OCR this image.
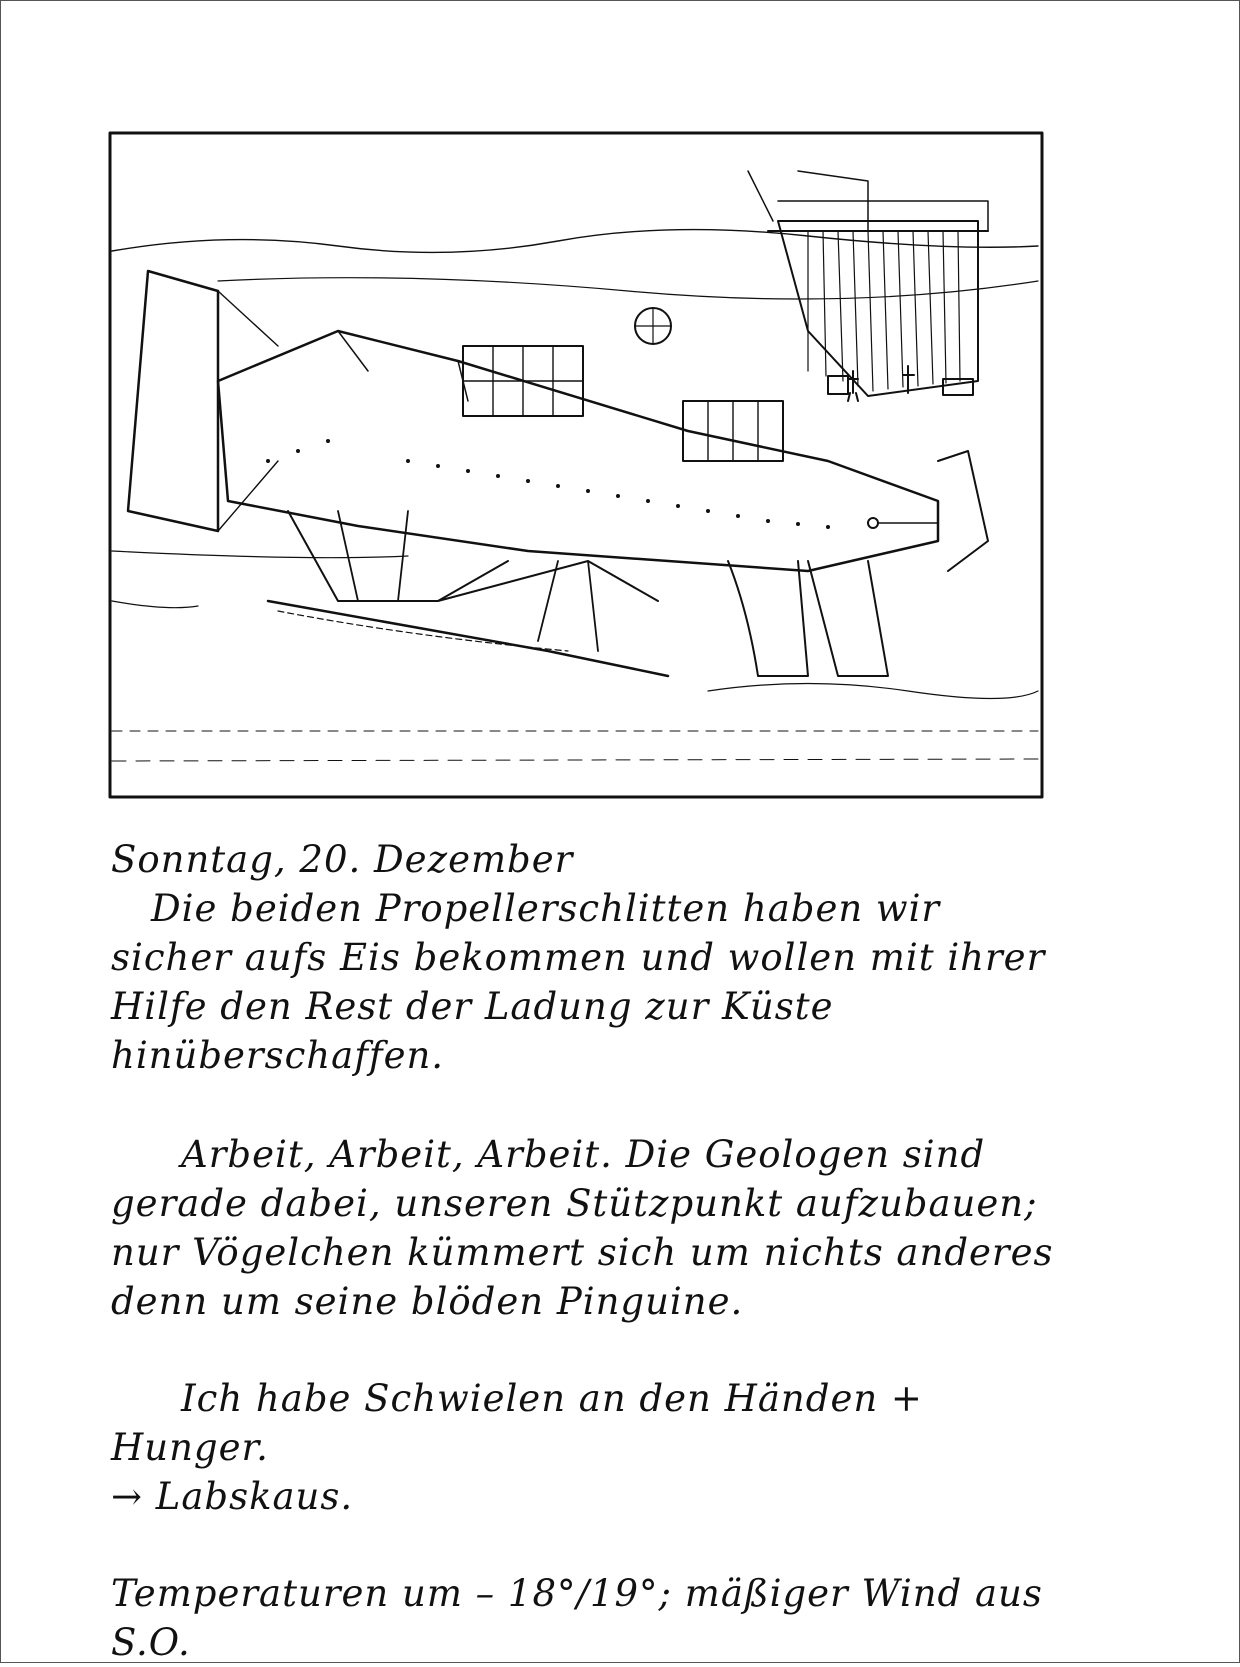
Sonntag, 20. Dezember

Die beiden Propellerschlitten haben wir sicher aufs Eis bekommen und wollen mit ihrer Hilfe den Rest der Ladung zur Küste hinüberschaffen.

Arbeit, Arbeit, Arbeit. Die Geologen sind gerade dabei, unseren Stützpunkt aufzubauen; nur Vögelchen kümmert sich um nichts anderes denn um seine blöden Pinguine.

Ich habe Schwielen an den Händen + Hunger.

→ Labskaus.

Temperaturen um – 18°/19°; mäßiger Wind aus S.O.
